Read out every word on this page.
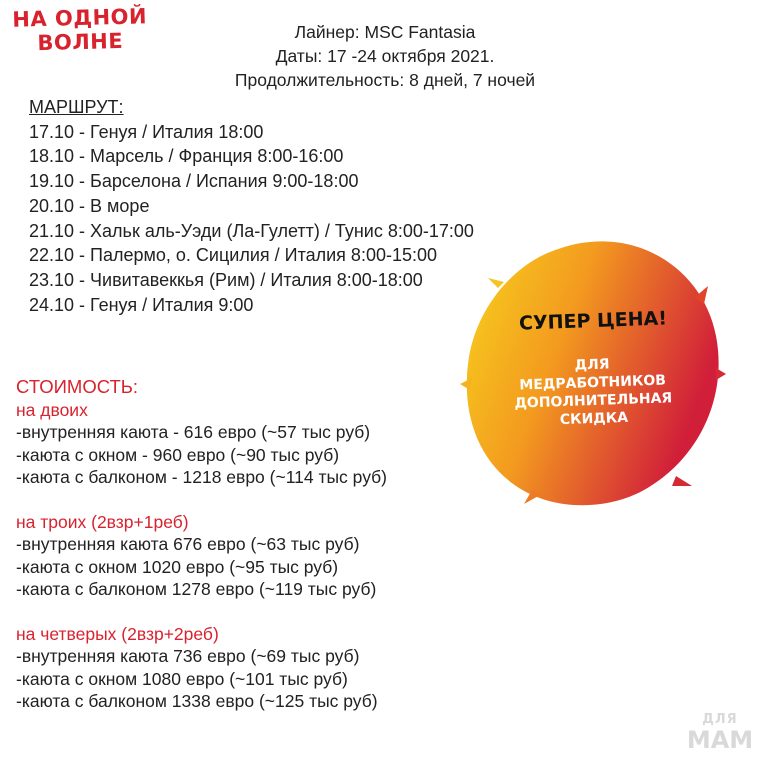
НА ОДНОЙ
ВОЛНЕ	Лайнер: MSC Fantasia
Даты: 17 -24 октября 2021.
Продолжительность: 8 дней, 7 ночей
МАРШРУТ:
17.10 - Генуя / Италия 18:00
18.10 - Марсель / Франция 8:00-16:00
19.10 - Барселона / Испания 9:00-18:00
20.10 - В море
21.10 - Хальк аль-Уэди (Ла-Гулетт) / Тунис 8:00-17:00
22.10 - Палермо, о. Сицилия / Италия 8:00-15:00
23.10 - Чивитавеккья (Рим) / Италия 8:00-18:00
24.10 - Генуя / Италия 9:00
СТОИМОСТЬ:
на двоих
-внутренняя каюта - 616 евро (~57 тыс руб)
-каюта с окном - 960 евро (~90 тыс руб)
-каюта с балконом - 1218 евро (~114 тыс руб)
на троих (2взр+1реб)
-внутренняя каюта 676 евро (~63 тыс руб)
-каюта с окном 1020 евро (~95 тыс руб)
-каюта с балконом 1278 евро (~119 тыс руб)
на четверых (2взр+2реб)
-внутренняя каюта 736 евро (~69 тыс руб)
-каюта с окном 1080 евро (~101 тыс руб)
-каюта с балконом 1338 евро (~125 тыс руб)
СУПЕР ЦЕНА!
ДЛЯ
МЕДРАБОТНИКОВ
ДОПОЛНИТЕЛЬНАЯ
СКИДКА
ДЛЯ
МАМ
